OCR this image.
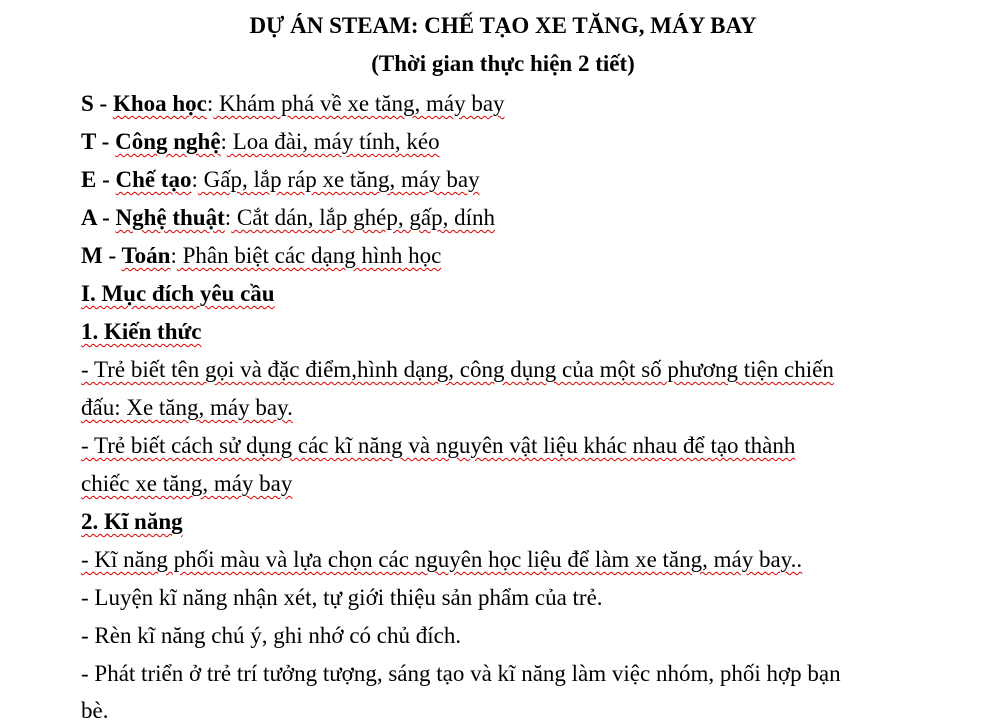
DỰ ÁN STEAM: CHẾ TẠO XE TĂNG, MÁY BAY
(Thời gian thực hiện 2 tiết)
S - Khoa học: Khám phá về xe tăng, máy bay
T - Công nghệ: Loa đài, máy tính, kéo
E - Chế tạo: Gấp, lắp ráp xe tăng, máy bay
A - Nghệ thuật: Cắt dán, lắp ghép, gấp, dính
M - Toán: Phân biệt các dạng hình học
I. Mục đích yêu cầu
1. Kiến thức
- Trẻ biết tên gọi và đặc điểm,hình dạng, công dụng của một số phương tiện chiến
đấu: Xe tăng, máy bay.
- Trẻ biết cách sử dụng các kĩ năng và nguyên vật liệu khác nhau để tạo thành
chiếc xe tăng, máy bay
2. Kĩ năng
- Kĩ năng phối màu và lựa chọn các nguyên học liệu để làm xe tăng, máy bay..
- Luyện kĩ năng nhận xét, tự giới thiệu sản phẩm của trẻ.
- Rèn kĩ năng chú ý, ghi nhớ có chủ đích.
- Phát triển ở trẻ trí tưởng tượng, sáng tạo và kĩ năng làm việc nhóm, phối hợp bạn
bè.
